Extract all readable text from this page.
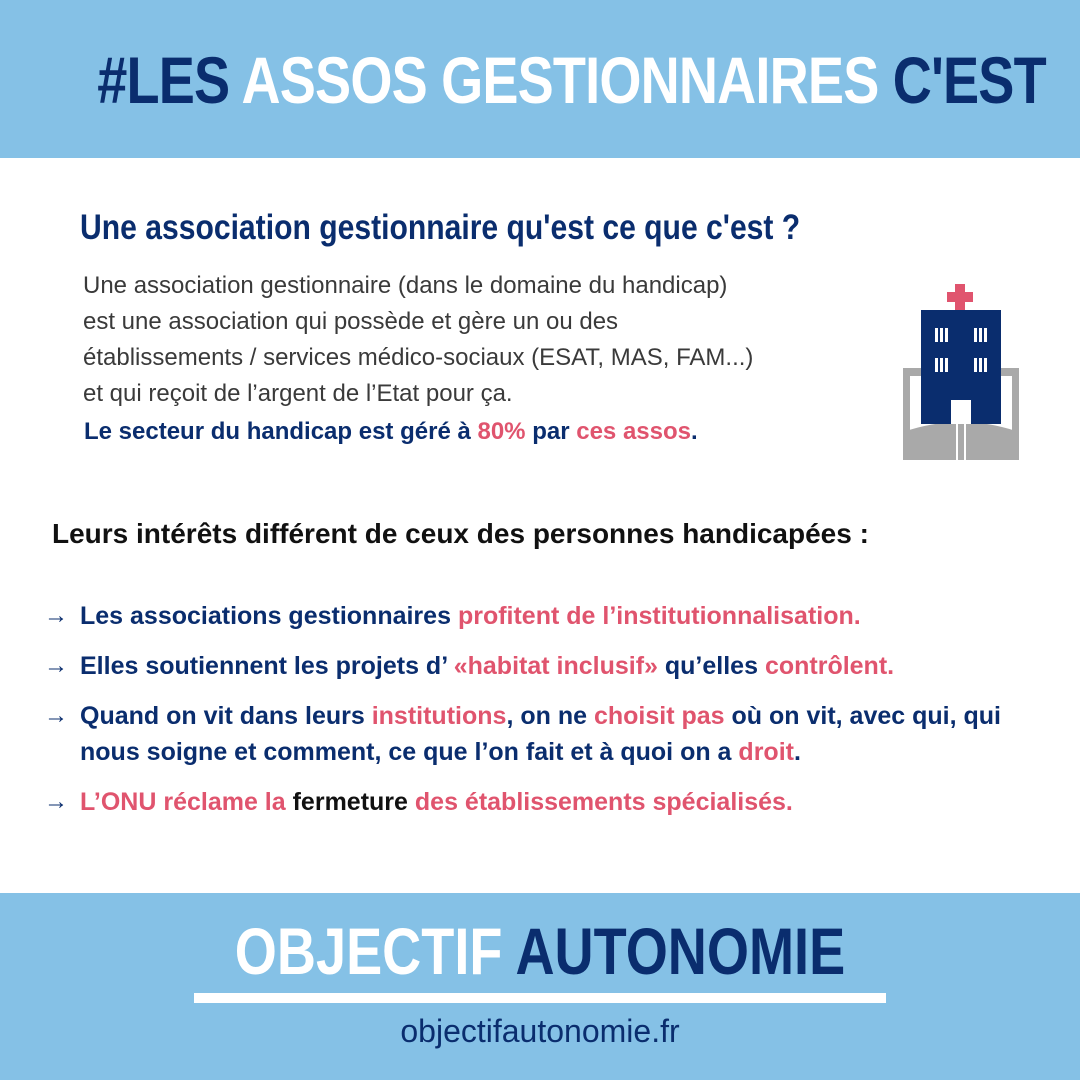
#LES ASSOS GESTIONNAIRES C'EST
Une association gestionnaire qu'est ce que c'est ?

Une association gestionnaire (dans le domaine du handicap)

est une association qui possède et gère un ou des

établissements / services médico-sociaux (ESAT, MAS, FAM...)

et qui reçoit de l’argent de l’Etat pour ça.

Le secteur du handicap est géré à 80% par ces assos.
Leurs intérêts différent de ceux des personnes handicapées :
→ Les associations gestionnaires profitent de l’institutionnalisation.
→ Elles soutiennent les projets d’ «habitat inclusif» qu’elles contrôlent.
→ Quand on vit dans leurs institutions, on ne choisit pas où on vit, avec qui, qui nous soigne et comment, ce que l’on fait et à quoi on a droit.
→ L’ONU réclame la fermeture des établissements spécialisés.
OBJECTIF AUTONOMIE
objectifautonomie.fr
